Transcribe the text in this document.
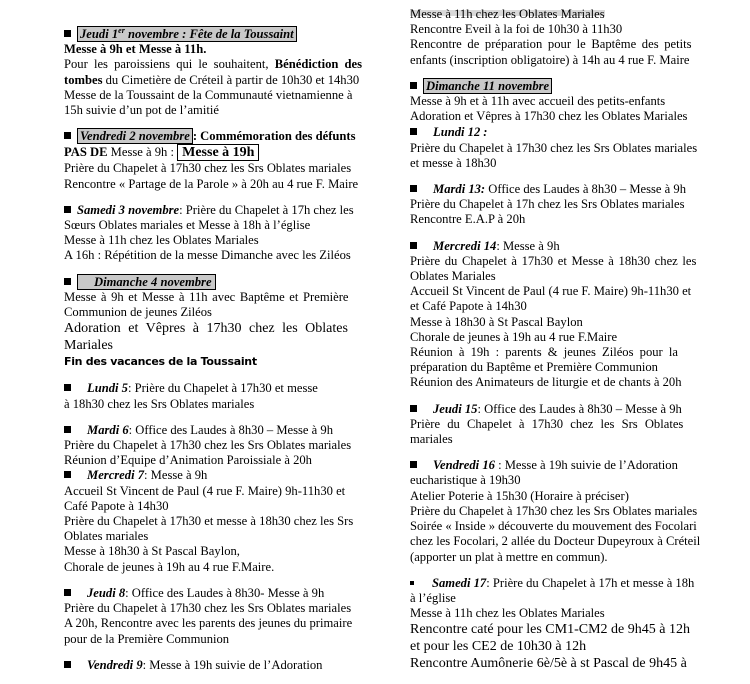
Jeudi 1er novembre : Fête de la Toussaint
Messe à 9h et Messe à 11h.
Pour les paroissiens qui le souhaitent, Bénédiction des
tombes du Cimetière de Créteil à partir de 10h30 et 14h30
Messe de la Toussaint de la Communauté vietnamienne à
15h suivie d’un pot de l’amitié
Vendredi 2 novembre : Commémoration des défunts
PAS DE Messe à 9h : Messe à 19h
Prière du Chapelet à 17h30 chez les Srs Oblates mariales
Rencontre « Partage de la Parole » à 20h au 4 rue F. Maire
Samedi 3 novembre: Prière du Chapelet à 17h chez les
Sœurs Oblates mariales et Messe à 18h à l’église
Messe à 11h chez les Oblates Mariales
A 16h : Répétition de la messe Dimanche avec les Ziléos
Dimanche 4 novembre
Messe à 9h et Messe à 11h avec Baptême et Première
Communion de jeunes Ziléos
Adoration et Vêpres à 17h30 chez les Oblates
Mariales
Fin des vacances de la Toussaint
Lundi 5: Prière du Chapelet à 17h30 et messe
à 18h30 chez les Srs Oblates mariales
Mardi 6: Office des Laudes à 8h30 – Messe à 9h
Prière du Chapelet à 17h30 chez les Srs Oblates mariales
Réunion d’Equipe d’Animation Paroissiale à 20h
Mercredi 7: Messe à 9h
Accueil St Vincent de Paul (4 rue F. Maire) 9h-11h30 et
Café Papote à 14h30
Prière du Chapelet à 17h30 et messe à 18h30 chez les Srs
Oblates mariales
Messe à 18h30 à St Pascal Baylon,
Chorale de jeunes à 19h au 4 rue F.Maire.
Jeudi 8: Office des Laudes à 8h30- Messe à 9h
Prière du Chapelet à 17h30 chez les Srs Oblates mariales
A 20h, Rencontre avec les parents des jeunes du primaire
pour de la Première Communion
Vendredi 9: Messe à 19h suivie de l’Adoration
Messe à 11h chez les Oblates Mariales
Rencontre Eveil à la foi de 10h30 à 11h30
Rencontre de préparation pour le Baptême des petits
enfants (inscription obligatoire) à 14h au 4 rue F. Maire
Dimanche 11 novembre
Messe à 9h et à 11h avec accueil des petits-enfants
Adoration et Vêpres à 17h30 chez les Oblates Mariales
Lundi 12 :
Prière du Chapelet à 17h30 chez les Srs Oblates mariales
et messe à 18h30
Mardi 13: Office des Laudes à 8h30 – Messe à 9h
Prière du Chapelet à 17h chez les Srs Oblates mariales
Rencontre E.A.P à 20h
Mercredi 14: Messe à 9h
Prière du Chapelet à 17h30 et Messe à 18h30 chez les
Oblates Mariales
Accueil St Vincent de Paul (4 rue F. Maire) 9h-11h30 et
et Café Papote à 14h30
Messe à 18h30 à St Pascal Baylon
Chorale de jeunes à 19h au 4 rue F.Maire
Réunion à 19h : parents & jeunes Ziléos pour la
préparation du Baptême et Première Communion
Réunion des Animateurs de liturgie et de chants à 20h
Jeudi 15: Office des Laudes à 8h30 – Messe à 9h
Prière du Chapelet à 17h30 chez les Srs Oblates
mariales
Vendredi 16 : Messe à 19h suivie de l’Adoration
eucharistique à 19h30
Atelier Poterie à 15h30 (Horaire à préciser)
Prière du Chapelet à 17h30 chez les Srs Oblates mariales
Soirée « Inside » découverte du mouvement des Focolari
chez les Focolari, 2 allée du Docteur Dupeyroux à Créteil
(apporter un plat à mettre en commun).
Samedi 17: Prière du Chapelet à 17h et messe à 18h
à l’église
Messe à 11h chez les Oblates Mariales
Rencontre caté pour les CM1-CM2 de 9h45 à 12h
et pour les CE2 de 10h30 à 12h
Rencontre Aumônerie 6è/5è à st Pascal de 9h45 à
